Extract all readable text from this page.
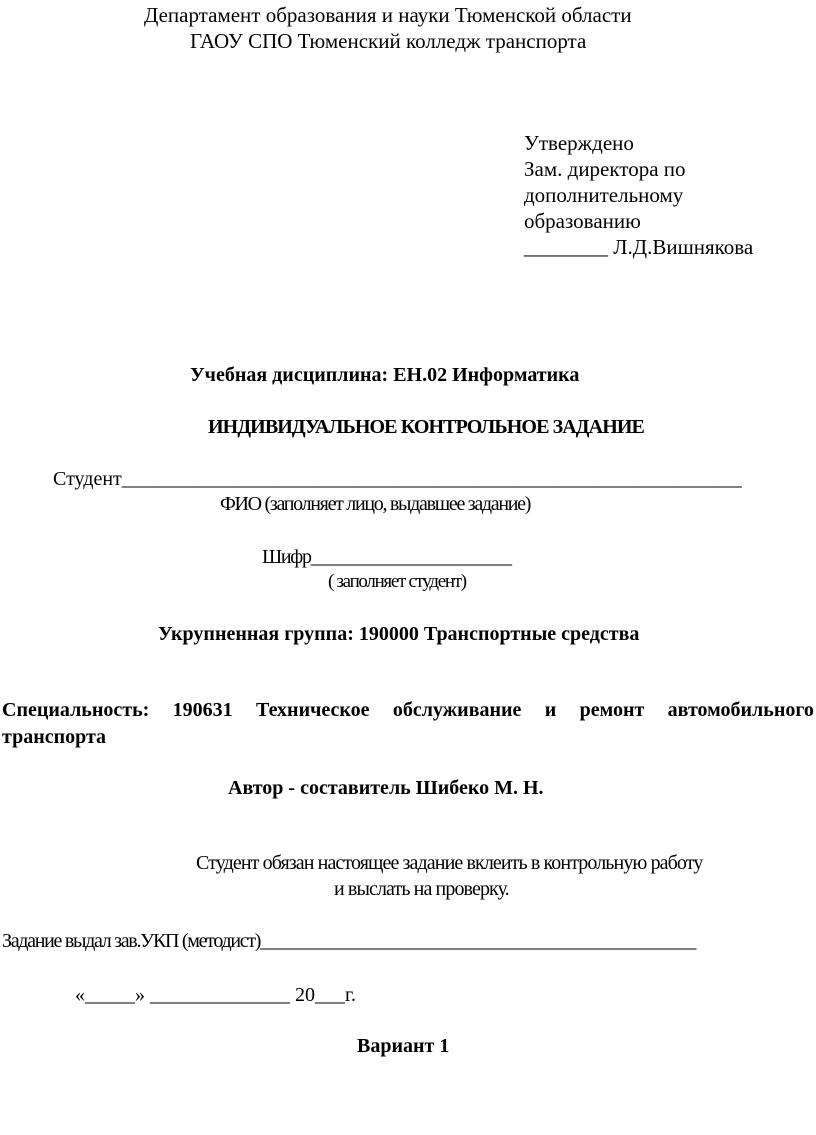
Департамент образования и науки Тюменской области
ГАОУ СПО Тюменский колледж транспорта
Утверждено
Зам. директора по
дополнительному
образованию
________ Л.Д.Вишнякова
Учебная дисциплина: ЕН.02 Информатика
ИНДИВИДУАЛЬНОЕ КОНТРОЛЬНОЕ ЗАДАНИЕ
Студент______________________________________________________________
ФИО (заполняет лицо, выдавшее задание)
Шифр_______________________
( заполняет студент)
Укрупненная группа: 190000 Транспортные средства
Специальность: 190631 Техническое обслуживание и ремонт автомобильного
транспорта
Автор - составитель Шибеко М. Н.
Студент обязан настоящее задание вклеить в контрольную работу
и выслать на проверку.
Задание выдал зав.УКП (методист)__________________________________________________
«_____» ______________ 20___г.
Вариант 1
